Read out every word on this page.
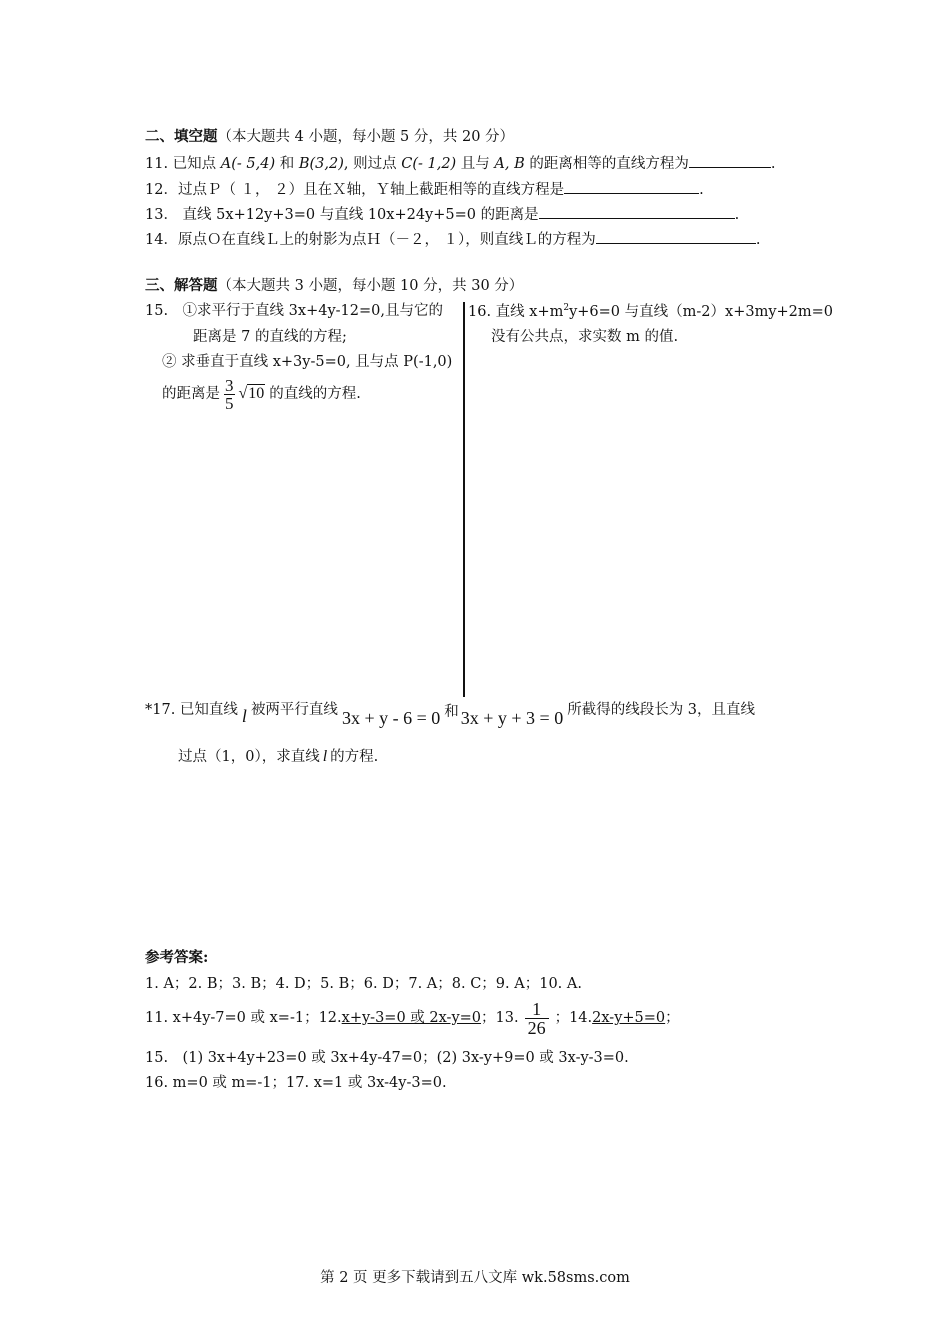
二、填空题（本大题共 4 小题，每小题 5 分，共 20 分）
11. 已知点 A(- 5,4) 和 B(3,2), 则过点 C(- 1,2) 且与 A, B 的距离相等的直线方程为	.
12．过点Ｐ（ １， ２）且在Ｘ轴，Ｙ轴上截距相等的直线方程是	.
13． 直线 5x+12y+3=0 与直线 10x+24y+5=0 的距离是	.
14．原点Ｏ在直线Ｌ上的射影为点Ｈ（－２， １），则直线Ｌ的方程为	.
三、解答题（本大题共 3 小题，每小题 10 分，共 30 分）
15.　①求平行于直线 3x+4y-12=0,且与它的
距离是 7 的直线的方程;
② 求垂直于直线 x+3y-5=0, 且与点 P(-1,0)
的距离是 $\frac{3}{5} √10$ 的直线的方程.
16. 直线 $x+m^2y+6=0$ 与直线（m-2）x+3my+2m=0
没有公共点，求实数 m 的值.
*17. 已知直线 l 被两平行直线 3x + y - 6 = 0 和 3x + y + 3 = 0 所截得的线段长为 3，且直线
过点（1，0），求直线 l 的方程.
参考答案:
1. A；2. B；3. B；4. D；5. B；6. D；7. A；8. C；9. A；10. A.
11. x+4y-7=0 或 x=-1；12. x+y-3=0 或 2x-y=0 ；13. $\frac{1}{26}$ ；14. 2x-y+5=0 ；
15.　(1) 3x+4y+23=0 或 3x+4y-47=0；(2) 3x-y+9=0 或 3x-y-3=0.
16. m=0 或 m=-1；17. x=1 或 3x-4y-3=0.
第 2 页 更多下载请到五八文库 wk.58sms.com
